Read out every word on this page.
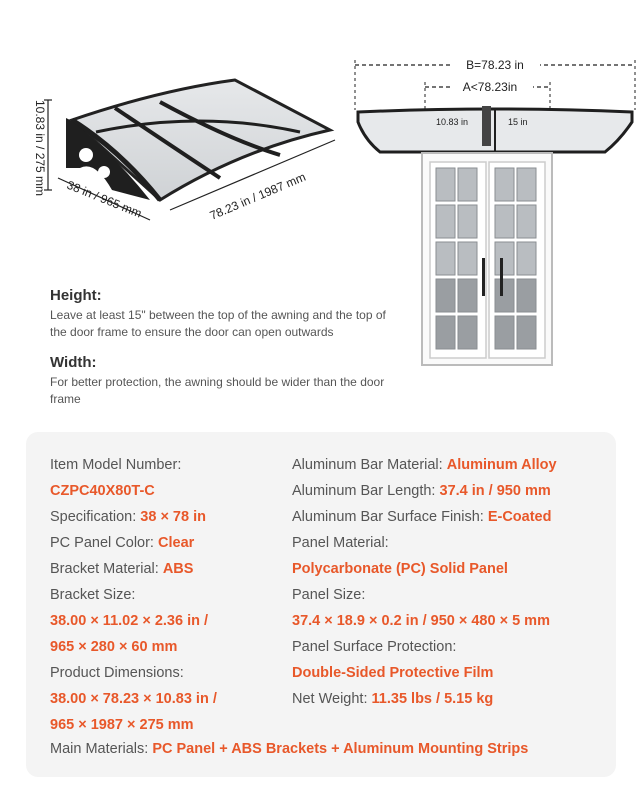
10.83 in / 275 mm
38 in / 965 mm	78.23 in / 1987 mm
B=78.23 in
A<78.23in
10.83 in	15 in
Height:
Leave at least 15" between the top of the awning and the top of the door frame to ensure the door can open outwards
Width:
For better protection, the awning should be wider than the door frame
Item Model Number:
CZPC40X80T-C
Specification: 38 × 78 in
PC Panel Color: Clear
Bracket Material: ABS
Bracket Size:
38.00 × 11.02 × 2.36 in /
965 × 280 × 60 mm
Product Dimensions:
38.00 × 78.23 × 10.83 in /
965 × 1987 × 275 mm
Aluminum Bar Material: Aluminum Alloy
Aluminum Bar Length: 37.4 in / 950 mm
Aluminum Bar Surface Finish: E-Coated
Panel Material:
Polycarbonate (PC) Solid Panel
Panel Size:
37.4 × 18.9 × 0.2 in / 950 × 480 × 5 mm
Panel Surface Protection:
Double-Sided Protective Film
Net Weight: 11.35 lbs / 5.15 kg
Main Materials: PC Panel + ABS Brackets + Aluminum Mounting Strips
